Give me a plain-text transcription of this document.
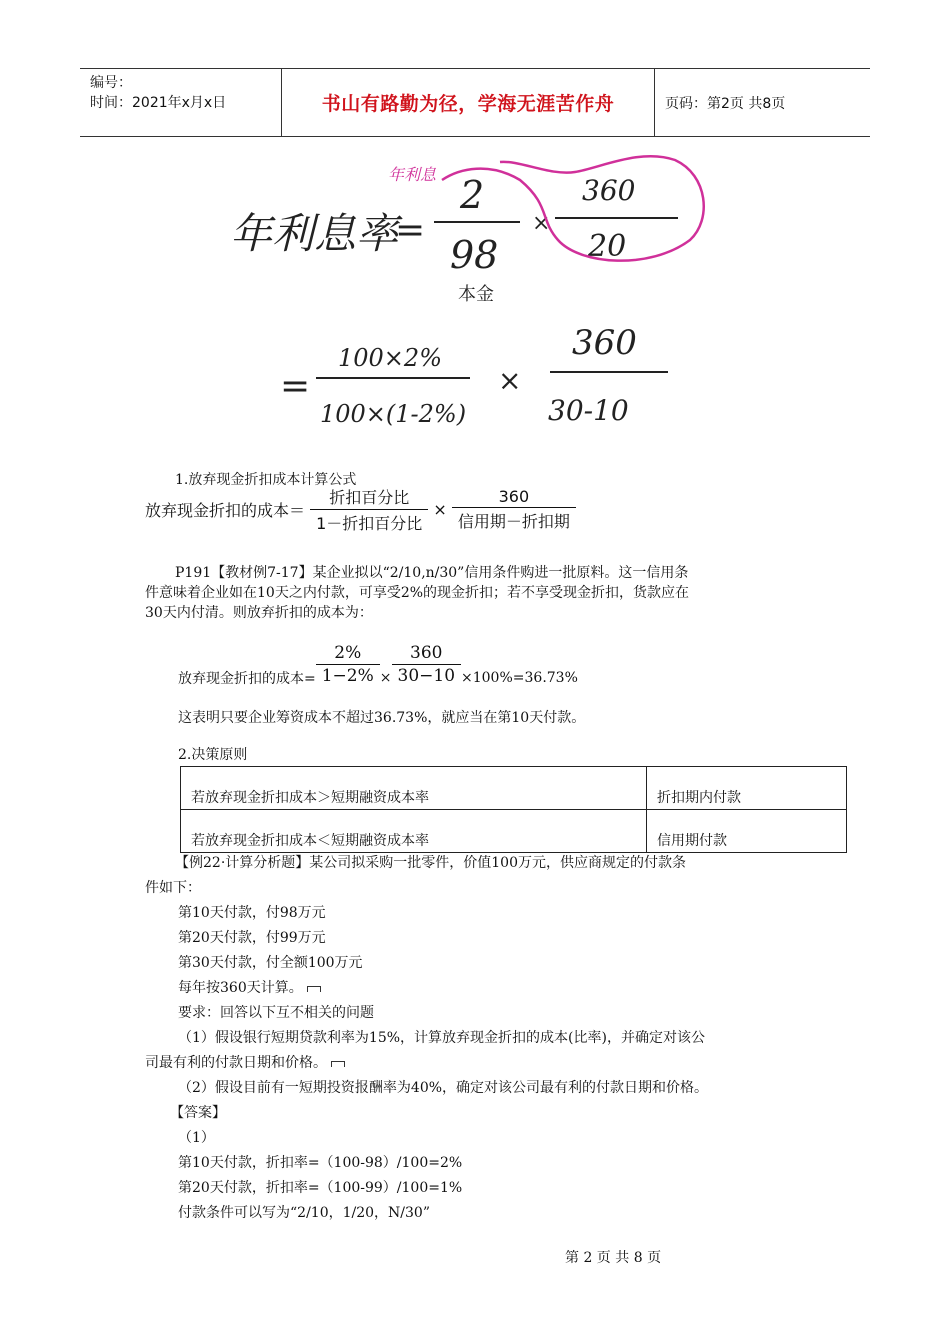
编号：
时间：2021年x月x日	书山有路勤为径，学海无涯苦作舟	页码：第2页 共8页
年利息率
=
2
98
×
360
20
本金
=
100×2%
100×(1-2%)
×
360
30-10
年利息
1.放弃现金折扣成本计算公式
放弃现金折扣的成本＝ $\frac{\text{折扣百分比}}{\text{1－折扣百分比}} \times \frac{360}{\text{信用期－折扣期}}$
P191【教材例7-17】某企业拟以“2/10,n/30”信用条件购进一批原料。这一信用条
件意味着企业如在10天之内付款，可享受2%的现金折扣；若不享受现金折扣，货款应在
30天内付清。则放弃折扣的成本为：
放弃现金折扣的成本= $\frac{2\%}{1-2\%} \times \frac{360}{30-10} \times 100\%=36.73\%$
这表明只要企业筹资成本不超过36.73%，就应当在第10天付款。
2.决策原则
若放弃现金折扣成本＞短期融资成本率	折扣期内付款
若放弃现金折扣成本＜短期融资成本率	信用期付款
【例22·计算分析题】某公司拟采购一批零件，价值100万元，供应商规定的付款条
件如下：
第10天付款，付98万元
第20天付款，付99万元
第30天付款，付全额100万元
每年按360天计算。
要求：回答以下互不相关的问题
（1）假设银行短期贷款利率为15%，计算放弃现金折扣的成本(比率)，并确定对该公
司最有利的付款日期和价格。
（2）假设目前有一短期投资报酬率为40%，确定对该公司最有利的付款日期和价格。
【答案】
（1）
第10天付款，折扣率=（100-98）/100=2%
第20天付款，折扣率=（100-99）/100=1%
付款条件可以写为“2/10，1/20，N/30”
第 2 页 共 8 页
